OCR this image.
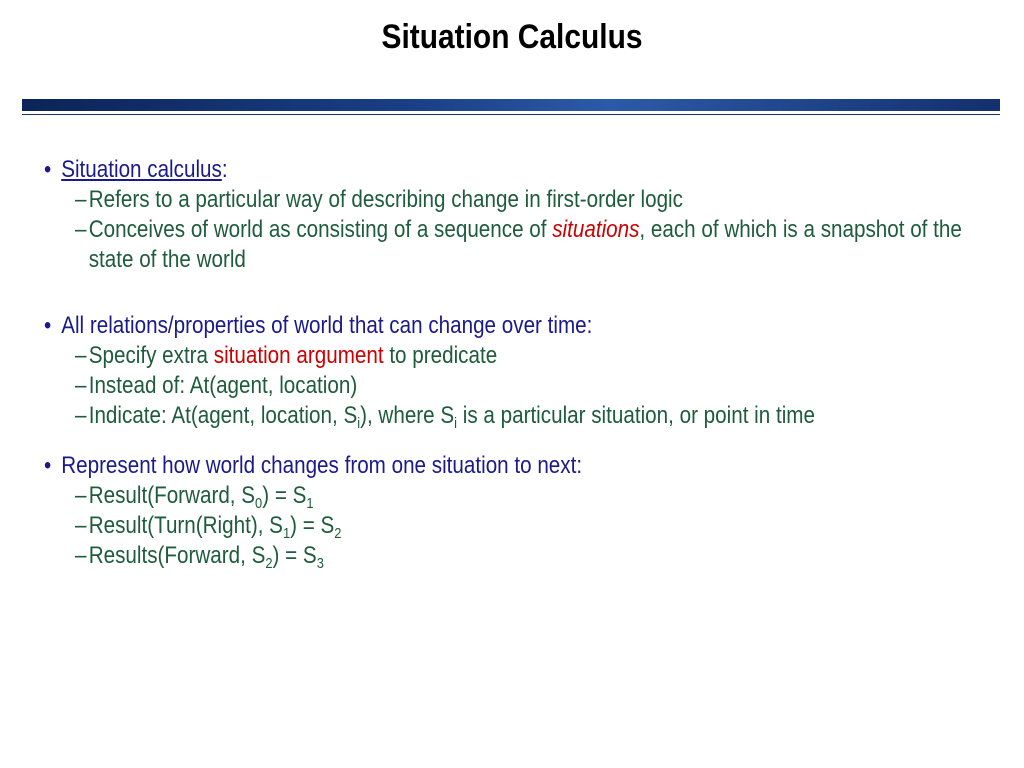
Situation Calculus
• Situation calculus:
– Refers to a particular way of describing change in first-order logic
– Conceives of world as consisting of a sequence of situations, each of which is a snapshot of the state of the world
• All relations/properties of world that can change over time:
– Specify extra situation argument to predicate
– Instead of: At(agent, location)
– Indicate: At(agent, location, $S_i$), where $S_i$ is a particular situation, or point in time
• Represent how world changes from one situation to next:
– Result(Forward, $S_0) = S_1$
– Result(Turn(Right), $S_1) = S_2$
– Results(Forward, $S_2) = S_3$
